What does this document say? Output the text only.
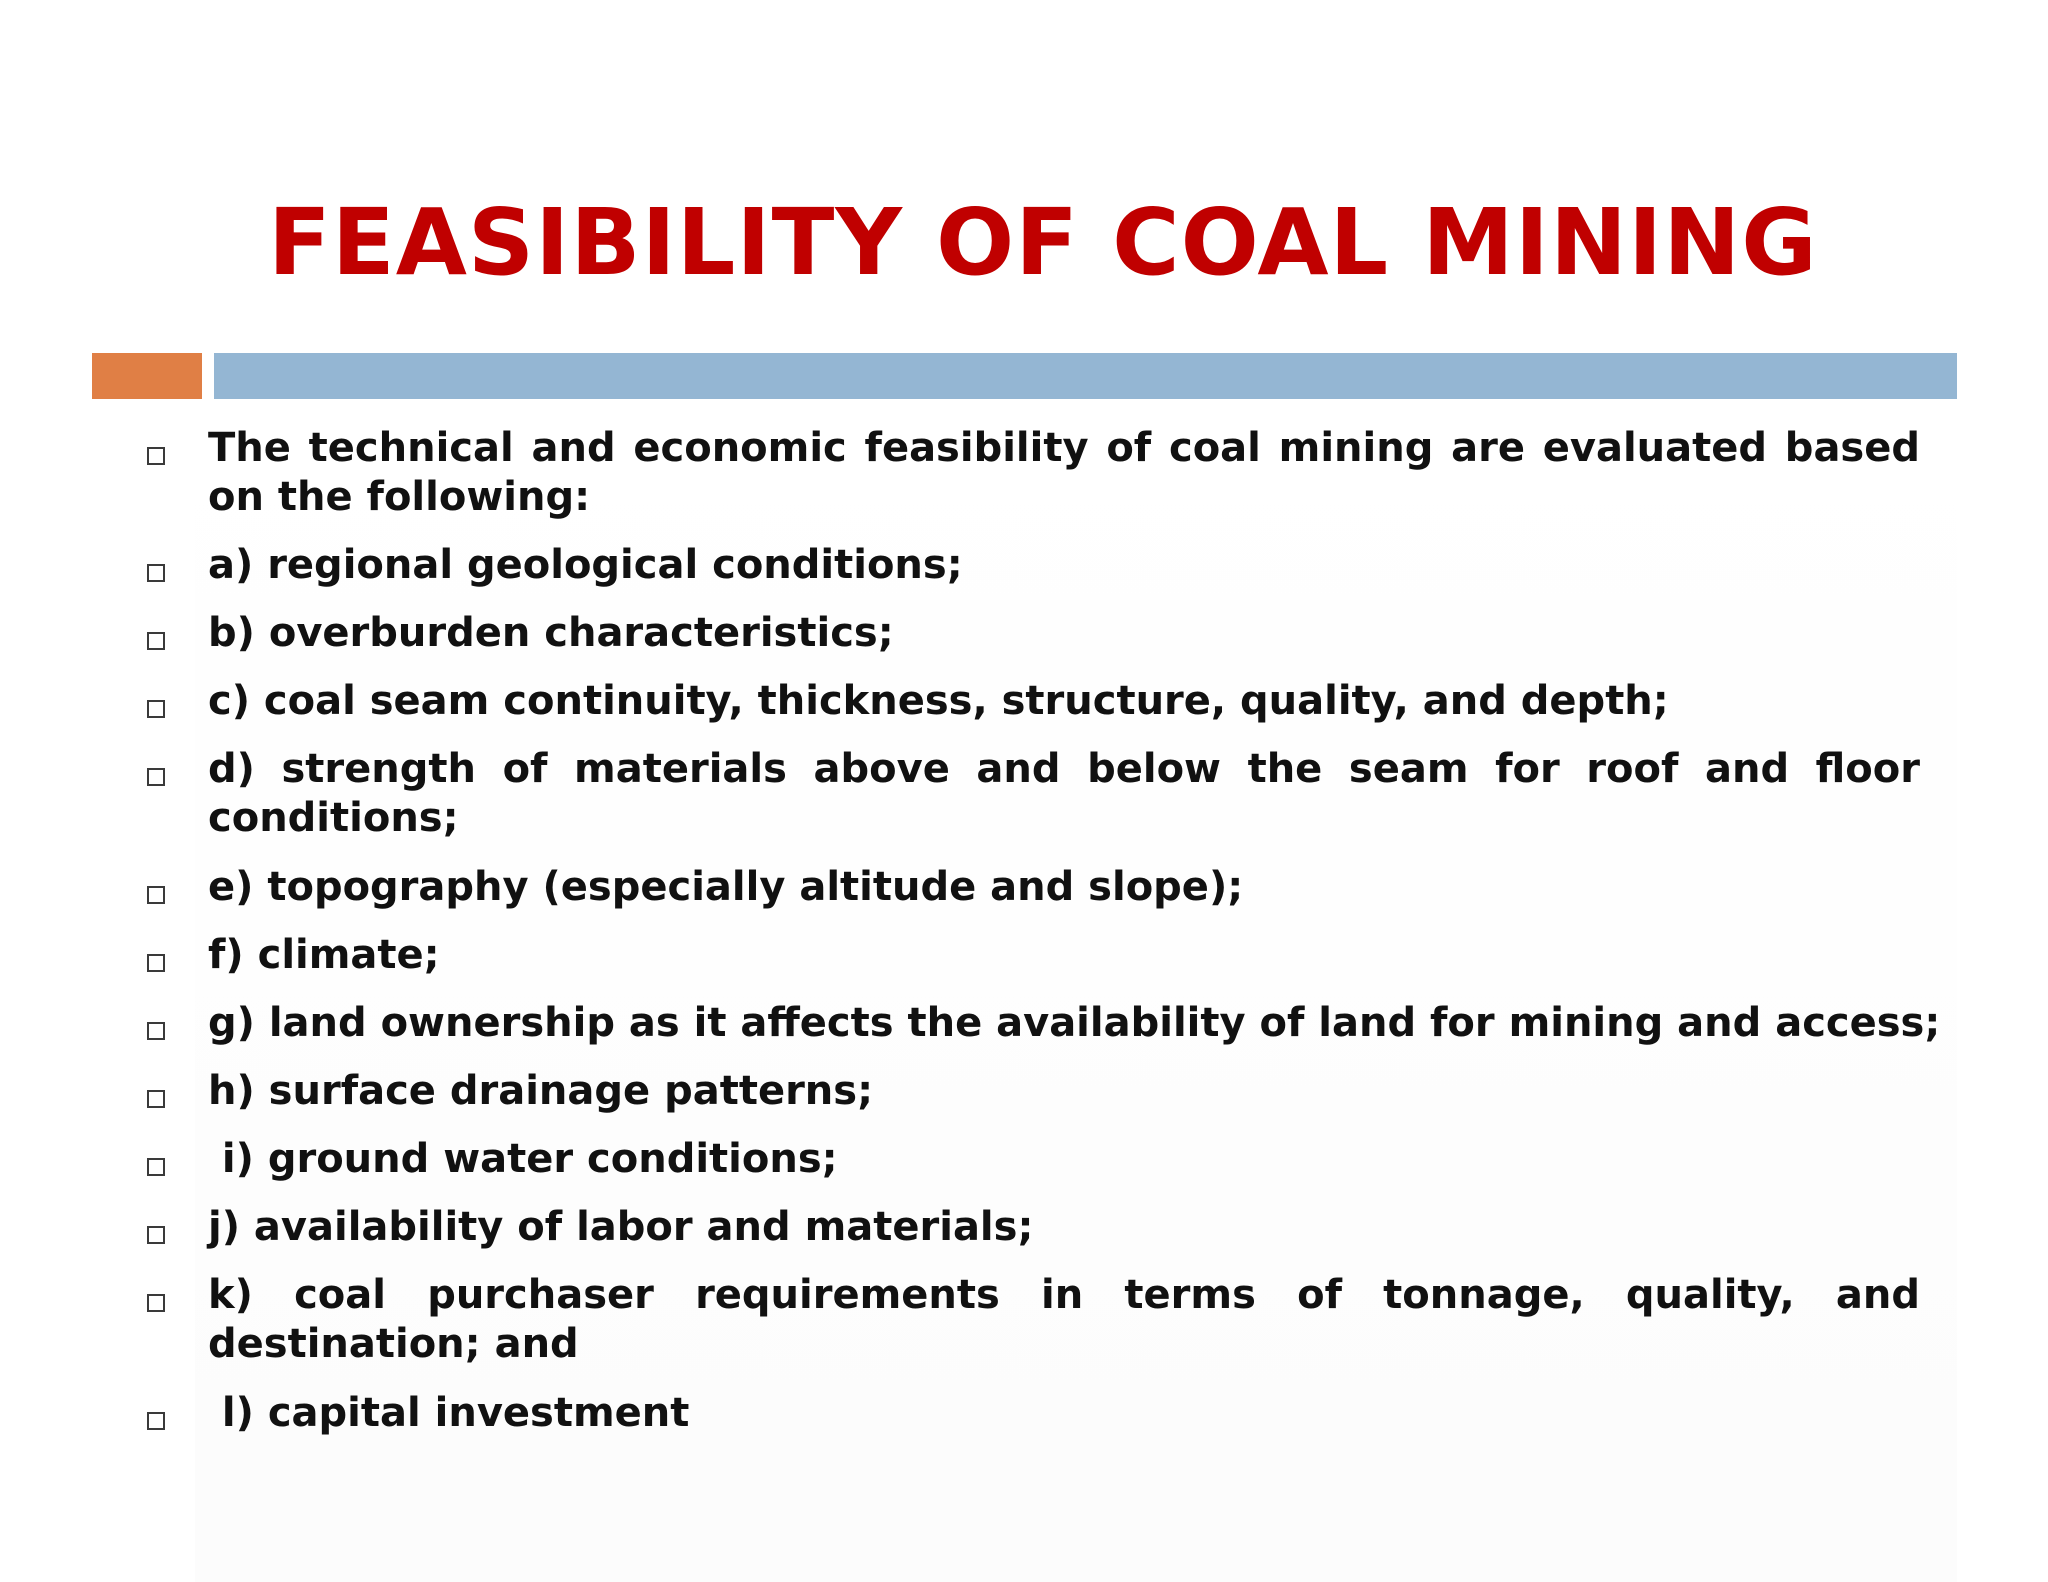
FEASIBILITY OF COAL MINING

The technical and economic feasibility of coal mining are evaluated based on the following:

a) regional geological conditions;

b) overburden characteristics;

c) coal seam continuity, thickness, structure, quality, and depth;

d) strength of materials above and below the seam for roof and floor conditions;

e) topography (especially altitude and slope);

f) climate;

g) land ownership as it affects the availability of land for mining and access;

h) surface drainage patterns;

i) ground water conditions;

j) availability of labor and materials;

k) coal purchaser requirements in terms of tonnage, quality, and destination; and

l) capital investment
